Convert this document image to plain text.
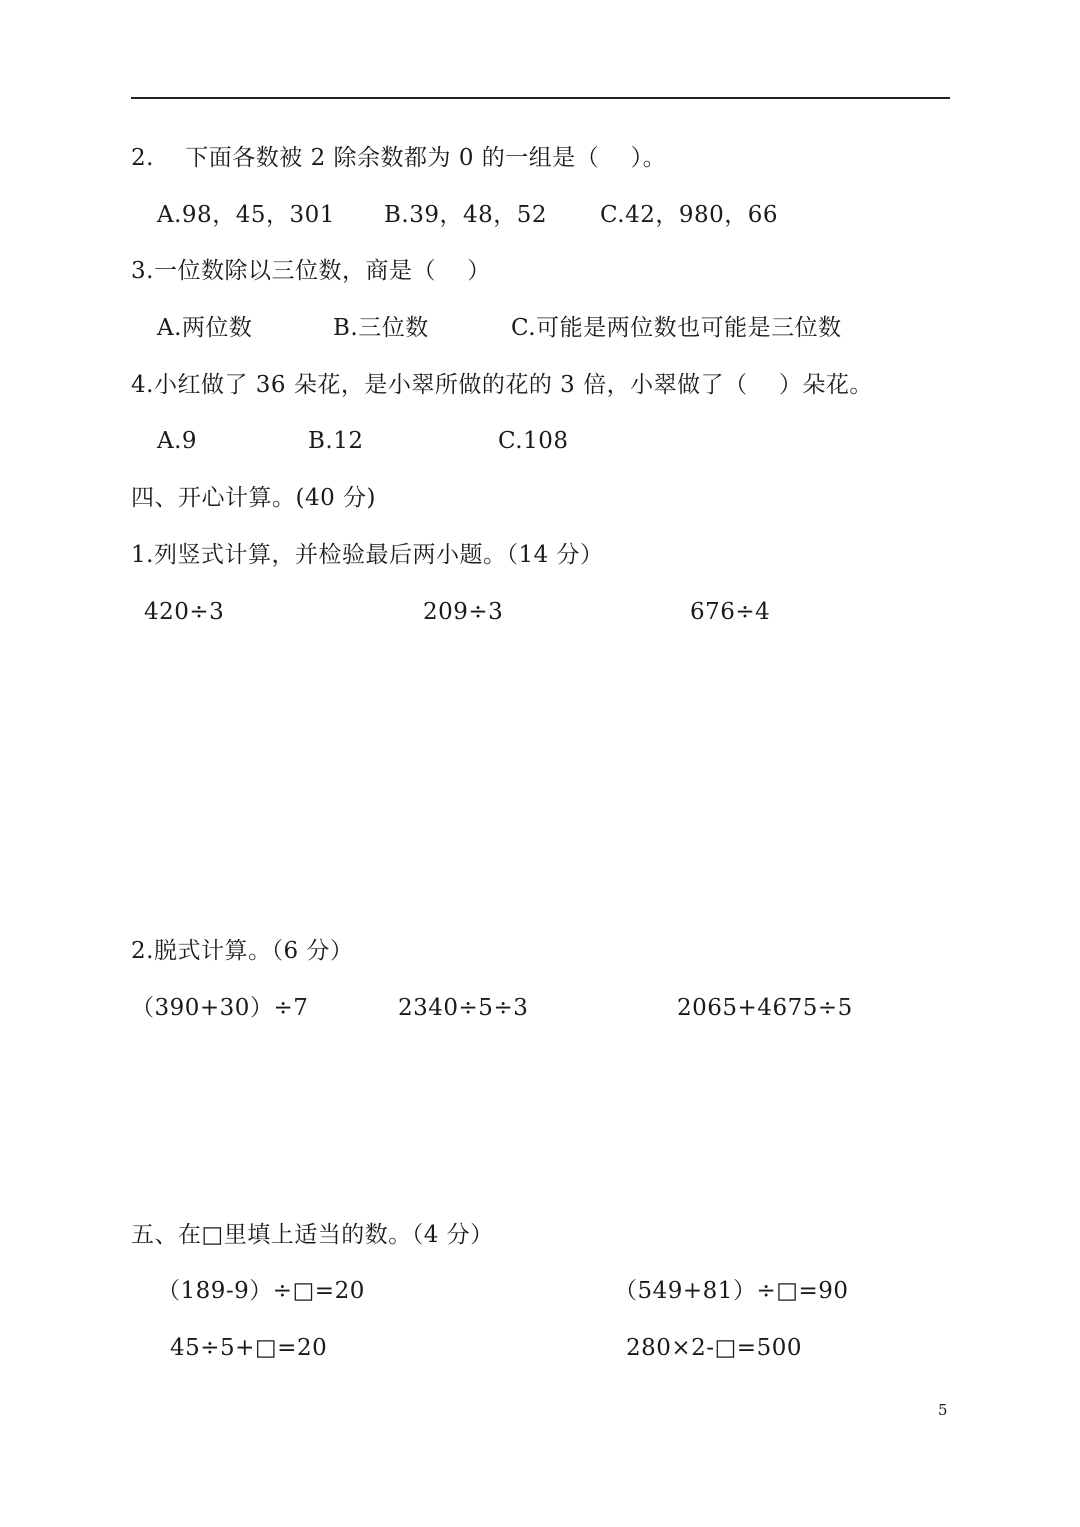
2.　 下面各数被 2 除余数都为 0 的一组是（　 ）。
A.98，45，301 B.39，48，52 C.42，980，66
3.一位数除以三位数，商是（　 ）
A.两位数	B.三位数	C.可能是两位数也可能是三位数
4.小红做了 36 朵花，是小翠所做的花的 3 倍，小翠做了（　 ）朵花。
A.9	B.12	C.108
四、开心计算。(40 分)
1.列竖式计算，并检验最后两小题。（14 分）
420÷3	209÷3	676÷4
2.脱式计算。（6 分）
（390+30）÷7	2340÷5÷3	2065+4675÷5
五、在□里填上适当的数。（4 分）
（189-9）÷□=20	（549+81）÷□=90
45÷5+□=20	280×2-□=500
5
